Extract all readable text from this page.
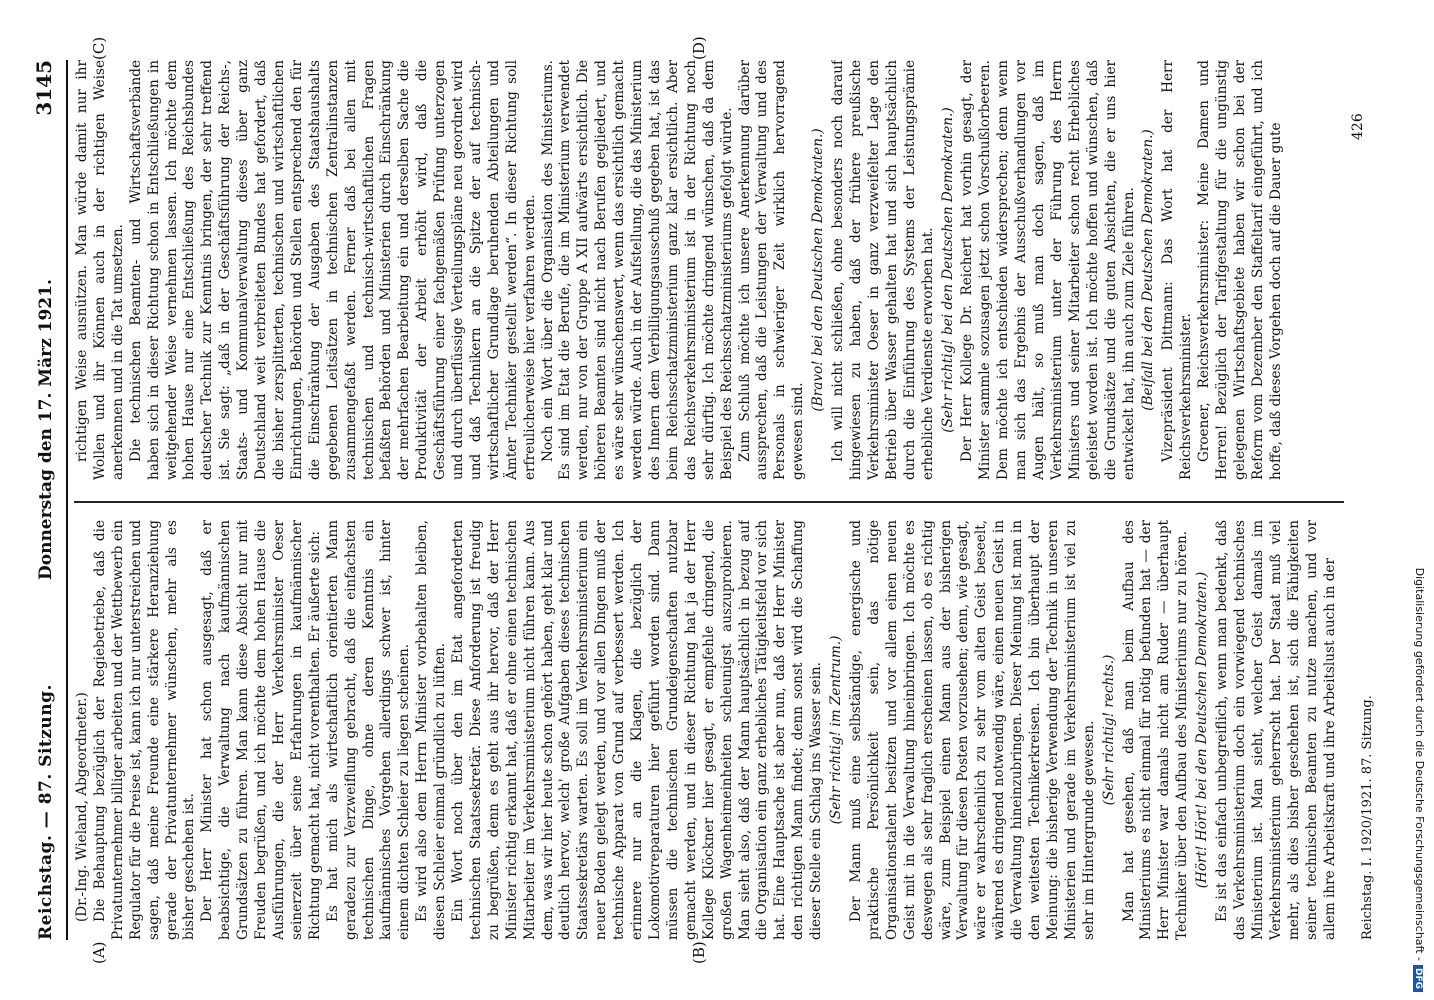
Reichstag. — 87. Sitzung.
Donnerstag den 17. März 1921.
3145
(A)	(B)
(C)	(D)

(Dr.-Ing. Wieland, Abgeordneter.) Die Behauptung bezüglich der Regiebetriebe, daß die Privatunternehmer billiger arbeiten und der Wettbewerb ein Regulator für die Preise ist, kann ich nur unterstreichen und sagen, daß meine Freunde eine stärkere Heranziehung gerade der Privatunternehmer wünschen, mehr als es bisher geschehen ist. Der Herr Minister hat schon ausgesagt, daß er beabsichtige, die Verwaltung nach kaufmännischen Grundsätzen zu führen. Man kann diese Absicht nur mit Freuden begrüßen, und ich möchte dem hohen Hause die Ausführungen, die der Herr Verkehrsminister Oeser seinerzeit über seine Erfahrungen in kaufmännischer Richtung gemacht hat, nicht vorenthalten. Er äußerte sich: Es hat mich als wirtschaftlich orientierten Mann geradezu zur Verzweiflung gebracht, daß die einfachsten technischen Dinge, ohne deren Kenntnis ein kaufmännisches Vorgehen allerdings schwer ist, hinter einem dichten Schleier zu liegen scheinen. Es wird also dem Herrn Minister vorbehalten bleiben, diesen Schleier einmal gründlich zu lüften. Ein Wort noch über den im Etat angeforderten technischen Staatssekretär. Diese Anforderung ist freudig zu begrüßen, denn es geht aus ihr hervor, daß der Herr Minister richtig erkannt hat, daß er ohne einen technischen Mitarbeiter im Verkehrsministerium nicht führen kann. Aus dem, was wir hier heute schon gehört haben, geht klar und deutlich hervor, welch' große Aufgaben dieses technischen Staatssekretärs warten. Es soll im Verkehrsministerium ein neuer Boden gelegt werden, und vor allen Dingen muß der technische Apparat von Grund auf verbessert werden. Ich erinnere nur an die Klagen, die bezüglich der Lokomotivreparaturen hier geführt worden sind. Dann müssen die technischen Grundeigenschaften nutzbar gemacht werden, und in dieser Richtung hat ja der Herr Kollege Klöckner hier gesagt, er empfehle dringend, die großen Wagenheimeinheiten schleunigst auszuprobieren. Man sieht also, daß der Mann hauptsächlich in bezug auf die Organisation ein ganz erhebliches Tätigkeitsfeld vor sich hat. Eine Hauptsache ist aber nun, daß der Herr Minister den richtigen Mann findet; denn sonst wird die Schaffung dieser Stelle ein Schlag ins Wasser sein. (Sehr richtig! im Zentrum.) Der Mann muß eine selbständige, energische und praktische Persönlichkeit sein, das nötige Organisationstalent besitzen und vor allem einen neuen Geist mit in die Verwaltung hineinbringen. Ich möchte es deswegen als sehr fraglich erscheinen lassen, ob es richtig wäre, zum Beispiel einen Mann aus der bisherigen Verwaltung für diesen Posten vorzusehen; denn, wie gesagt, wäre er wahrscheinlich zu sehr vom alten Geist beseelt, während es dringend notwendig wäre, einen neuen Geist in die Verwaltung hineinzubringen. Dieser Meinung ist man in den weitesten Technikerkreisen. Ich bin überhaupt der Meinung: die bisherige Verwendung der Technik in unseren Ministerien und gerade im Verkehrsministerium ist viel zu sehr im Hintergrunde gewesen. (Sehr richtig! rechts.) Man hat gesehen, daß man beim Aufbau des Ministeriums es nicht einmal für nötig befunden hat — der Herr Minister war damals nicht am Ruder — überhaupt Techniker über den Aufbau des Ministeriums nur zu hören. (Hört! Hört! bei den Deutschen Demokraten.) Es ist das einfach unbegreiflich, wenn man bedenkt, daß das Verkehrsministerium doch ein vorwiegend technisches Ministerium ist. Man sieht, welcher Geist damals im Verkehrsministerium geherrscht hat. Der Staat muß viel mehr, als dies bisher geschehen ist, sich die Fähigkeiten seiner technischen Beamten zu nutze machen, und vor allem ihre Arbeitskraft und ihre Arbeitslust auch in der

richtigen Weise ausnützen. Man würde damit nur ihr Wollen und ihr Können auch in der richtigen Weise anerkennen und in die Tat umsetzen. Die technischen Beamten- und Wirtschaftsverbände haben sich in dieser Richtung schon in Entschließungen in weitgehender Weise vernehmen lassen. Ich möchte dem hohen Hause nur eine Entschließung des Reichsbundes deutscher Technik zur Kenntnis bringen, der sehr treffend ist. Sie sagt: „daß in der Geschäftsführung der Reichs-, Staats- und Kommunalverwaltung dieses über ganz Deutschland weit verbreiteten Bundes hat gefordert, daß die bisher zersplitterten, technischen und wirtschaftlichen Einrichtungen, Behörden und Stellen entsprechend den für die Einschränkung der Ausgaben des Staatshaushalts gegebenen Leitsätzen in technischen Zentralinstanzen zusammengefaßt werden. Ferner daß bei allen mit technischen und technisch-wirtschaftlichen Fragen befaßten Behörden und Ministerien durch Einschränkung der mehrfachen Bearbeitung ein und derselben Sache die Produktivität der Arbeit erhöht wird, daß die Geschäftsführung einer fachgemäßen Prüfung unterzogen und durch überflüssige Verteilungspläne neu geordnet wird und daß Technikern an die Spitze der auf technisch-wirtschaftlicher Grundlage beruhenden Abteilungen und Ämter Techniker gestellt werden“. In dieser Richtung soll erfreulicherweise hier verfahren werden. Noch ein Wort über die Organisation des Ministeriums. Es sind im Etat die Berufe, die im Ministerium verwendet werden, nur von der Gruppe A XII aufwärts ersichtlich. Die höheren Beamten sind nicht nach Berufen gegliedert, und es wäre sehr wünschenswert, wenn das ersichtlich gemacht werden würde. Auch in der Aufstellung, die das Ministerium des Innern dem Verbilligungsausschuß gegeben hat, ist das beim Reichsschatzministerium ganz klar ersichtlich. Aber das Reichsverkehrsministerium ist in der Richtung noch sehr dürftig. Ich möchte dringend wünschen, daß da dem Beispiel des Reichsschatzministeriums gefolgt würde. Zum Schluß möchte ich unsere Anerkennung darüber aussprechen, daß die Leistungen der Verwaltung und des Personals in schwieriger Zeit wirklich hervorragend gewesen sind.

(Bravo! bei den Deutschen Demokraten.) Ich will nicht schließen, ohne besonders noch darauf hingewiesen zu haben, daß der frühere preußische Verkehrsminister Oeser in ganz verzweifelter Lage den Betrieb über Wasser gehalten hat und sich hauptsächlich durch die Einführung des Systems der Leistungsprämie erhebliche Verdienste erworben hat. (Sehr richtig! bei den Deutschen Demokraten.) Der Herr Kollege Dr. Reichert hat vorhin gesagt, der Minister sammle sozusagen jetzt schon Vorschußlorbeeren. Dem möchte ich entschieden widersprechen; denn wenn man sich das Ergebnis der Ausschußverhandlungen vor Augen hält, so muß man doch sagen, daß im Verkehrsministerium unter der Führung des Herrn Ministers und seiner Mitarbeiter schon recht Erhebliches geleistet worden ist. Ich möchte hoffen und wünschen, daß die Grundsätze und die guten Absichten, die er uns hier entwickelt hat, ihn auch zum Ziele führen. (Beifall bei den Deutschen Demokraten.) Vizepräsident Dittmann: Das Wort hat der Herr Reichsverkehrsminister. Groener, Reichsverkehrsminister: Meine Damen und Herren! Bezüglich der Tarifgestaltung für die ungünstig gelegenen Wirtschaftsgebiete haben wir schon bei der Reform vom Dezember den Staffeltarif eingeführt, und ich hoffe, daß dieses Vorgehen doch auf die Dauer gute

Reichstag. I. 1920/1921. 87. Sitzung.
426
Digitalisierung gefördert durch die Deutsche Forschungsgemeinschaft -DFG
